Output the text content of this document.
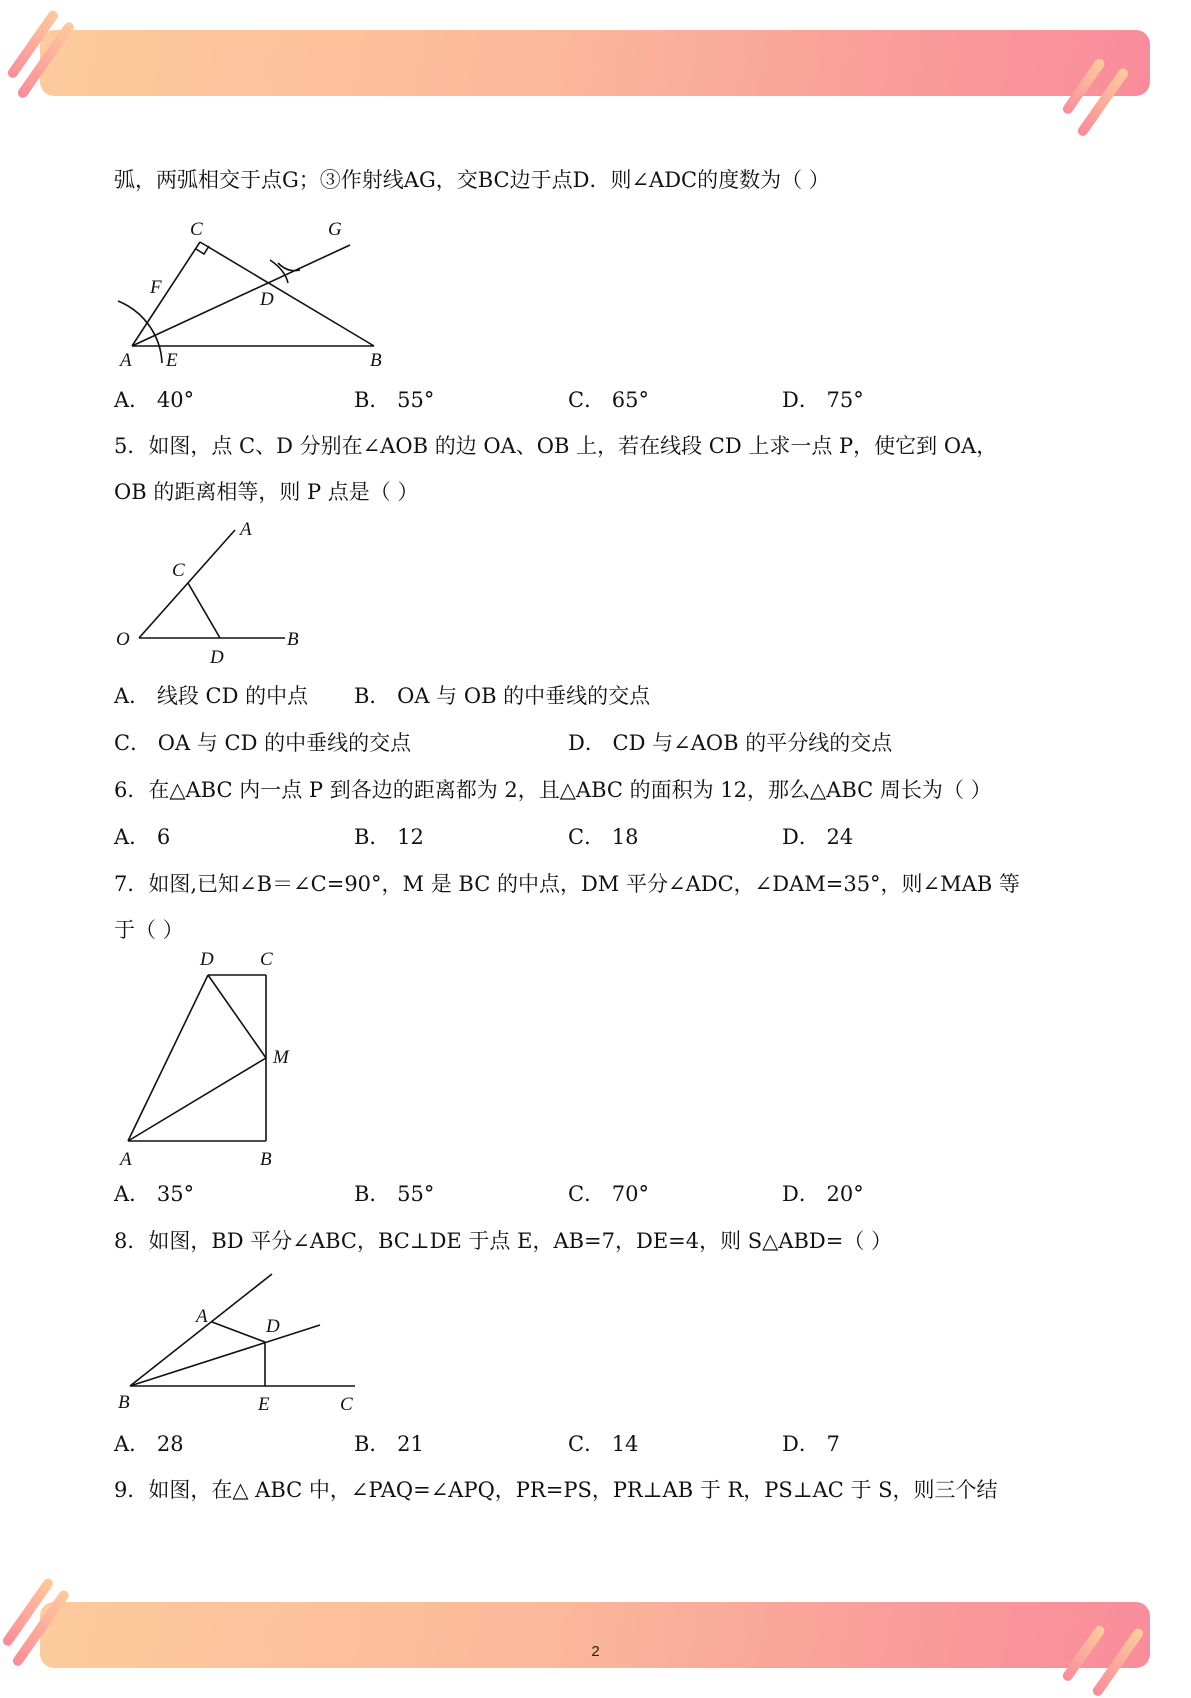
弧，两弧相交于点G；③作射线AG，交BC边于点D．则∠ADC的度数为（ ）
C	G
F
D
A E	B
A． 40°	B． 55°	C． 65°	D． 75°
5．如图，点 C、D 分别在∠AOB 的边 OA、OB 上，若在线段 CD 上求一点 P，使它到 OA，
OB 的距离相等，则 P 点是（ ）
A
C
O
D
B
A． 线段 CD 的中点 B． OA 与 OB 的中垂线的交点
C． OA 与 CD 的中垂线的交点	D． CD 与∠AOB 的平分线的交点
6．在△ABC 内一点 P 到各边的距离都为 2，且△ABC 的面积为 12，那么△ABC 周长为（ ）
A． 6	B． 12	C． 18	D． 24
7．如图,已知∠B＝∠C=90°，M 是 BC 的中点，DM 平分∠ADC，∠DAM=35°，则∠MAB 等
于（ ）
D C
M
A	B
A． 35°	B． 55°	C． 70°	D． 20°
8．如图，BD 平分∠ABC，BC⊥DE 于点 E，AB=7，DE=4，则 S△ABD=（ ）
A	D
B	E	C
A． 28	B． 21	C． 14	D． 7
9．如图，在△ ABC 中，∠PAQ=∠APQ，PR=PS，PR⊥AB 于 R，PS⊥AC 于 S，则三个结
2
